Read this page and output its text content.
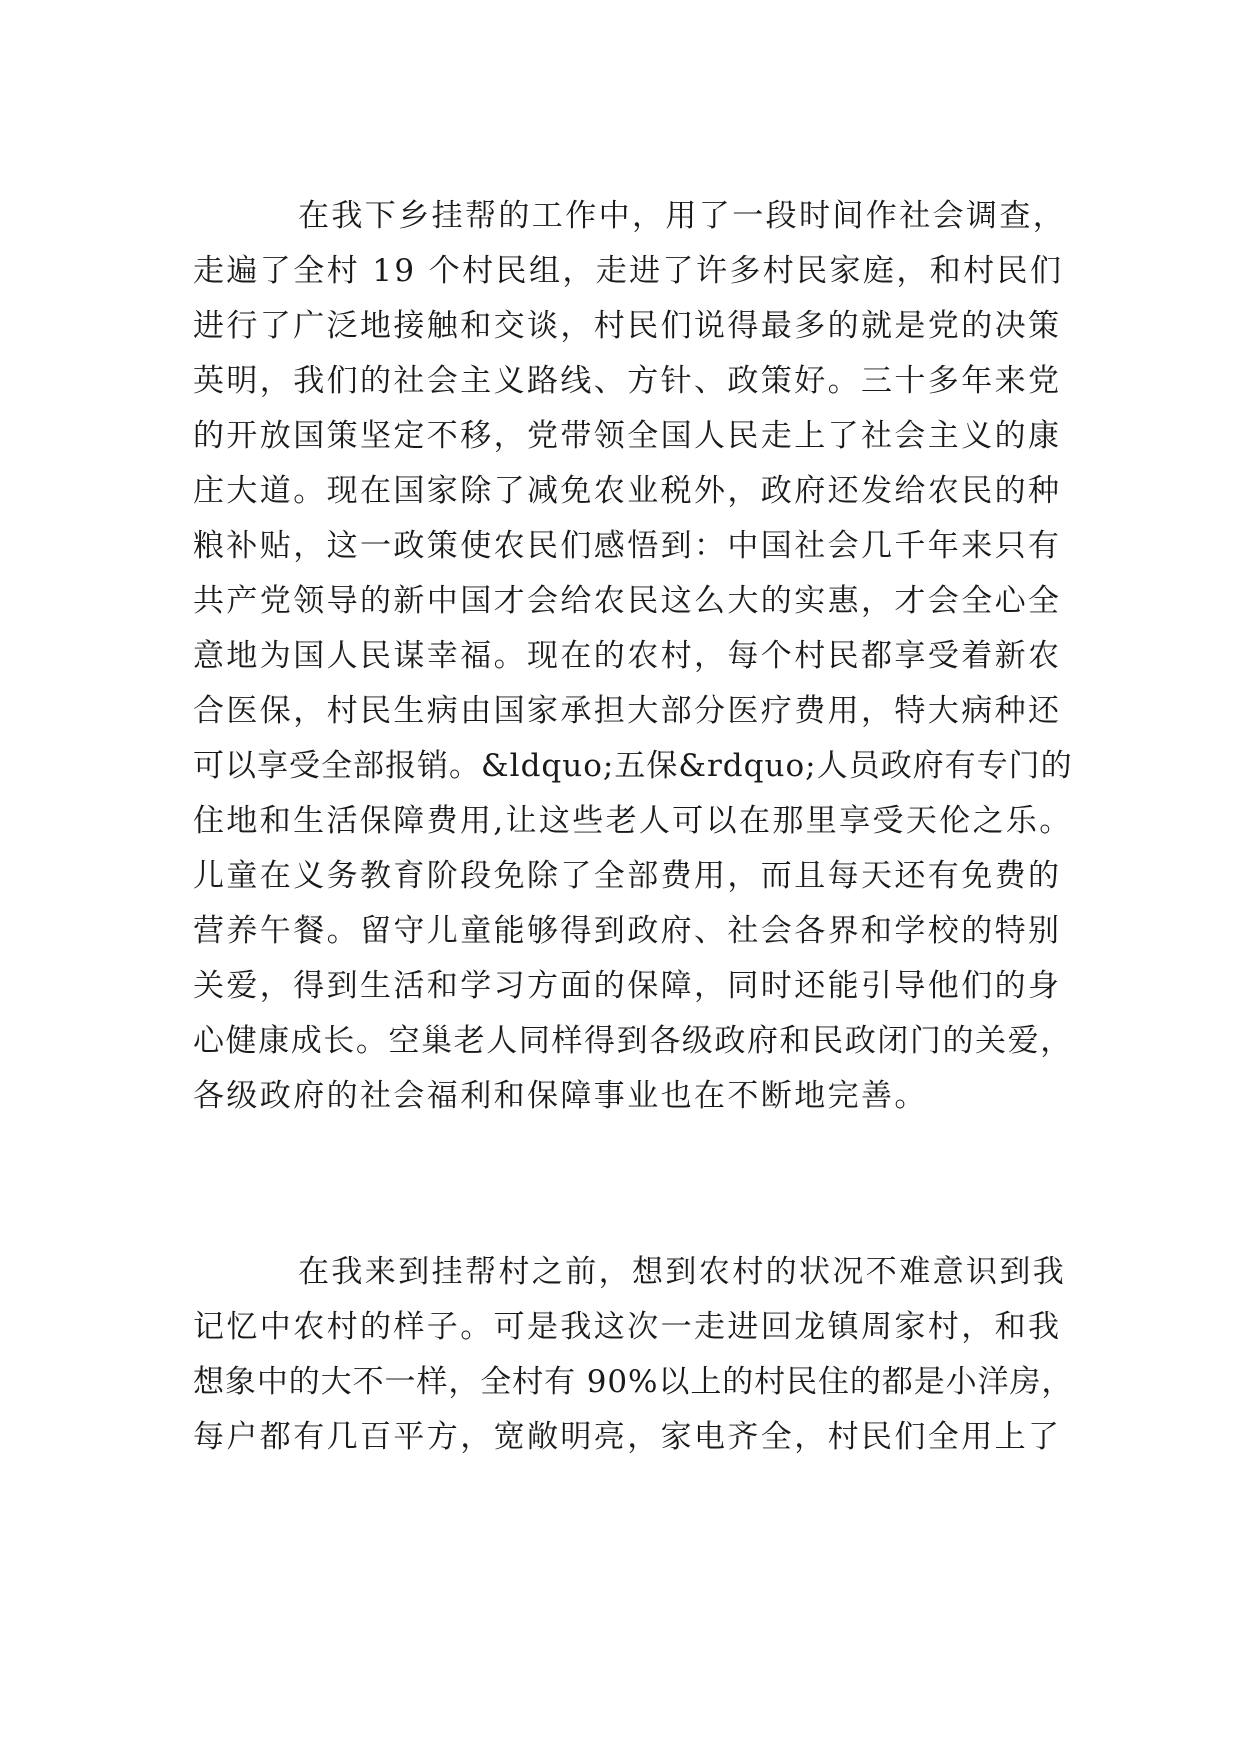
在我下乡挂帮的工作中，用了一段时间作社会调查，
走遍了全村 19 个村民组，走进了许多村民家庭，和村民们
进行了广泛地接触和交谈，村民们说得最多的就是党的决策
英明，我们的社会主义路线、方针、政策好。三十多年来党
的开放国策坚定不移，党带领全国人民走上了社会主义的康
庄大道。现在国家除了减免农业税外，政府还发给农民的种
粮补贴，这一政策使农民们感悟到：中国社会几千年来只有
共产党领导的新中国才会给农民这么大的实惠，才会全心全
意地为国人民谋幸福。现在的农村，每个村民都享受着新农
合医保，村民生病由国家承担大部分医疗费用，特大病种还
可以享受全部报销。&ldquo;五保&rdquo;人员政府有专门的
住地和生活保障费用,让这些老人可以在那里享受天伦之乐。
儿童在义务教育阶段免除了全部费用，而且每天还有免费的
营养午餐。留守儿童能够得到政府、社会各界和学校的特别
关爱，得到生活和学习方面的保障，同时还能引导他们的身
心健康成长。空巢老人同样得到各级政府和民政闭门的关爱，
各级政府的社会福利和保障事业也在不断地完善。
在我来到挂帮村之前，想到农村的状况不难意识到我
记忆中农村的样子。可是我这次一走进回龙镇周家村，和我
想象中的大不一样，全村有 90%以上的村民住的都是小洋房，
每户都有几百平方，宽敞明亮，家电齐全，村民们全用上了
